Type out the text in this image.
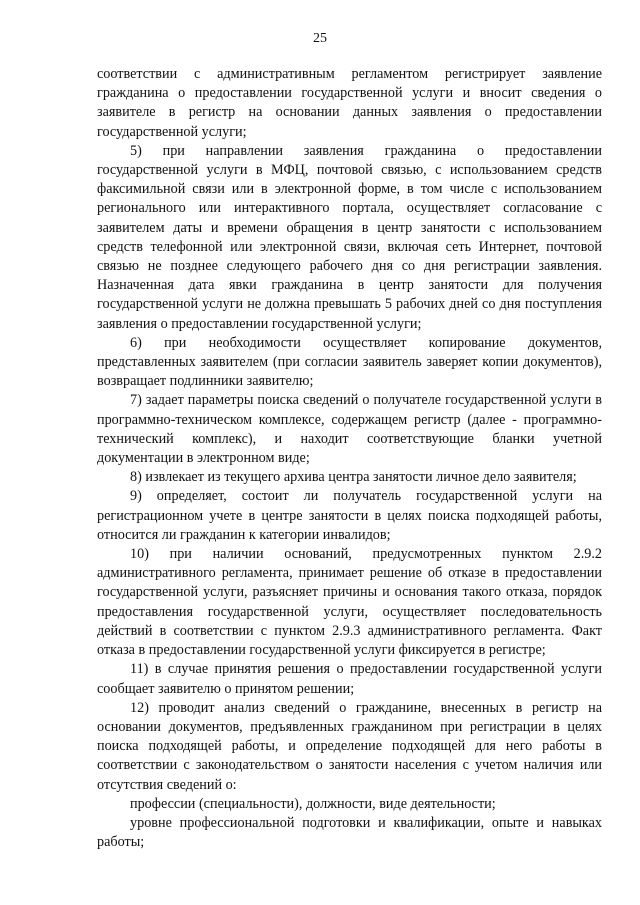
25

соответствии с административным регламентом регистрирует заявление гражданина о предоставлении государственной услуги и вносит сведения о заявителе в регистр на основании данных заявления о предоставлении государственной услуги;

5) при направлении заявления гражданина о предоставлении государственной услуги в МФЦ, почтовой связью, с использованием средств факсимильной связи или в электронной форме, в том числе с использованием регионального или интерактивного портала, осуществляет согласование с заявителем даты и времени обращения в центр занятости с использованием средств телефонной или электронной связи, включая сеть Интернет, почтовой связью не позднее следующего рабочего дня со дня регистрации заявления. Назначенная дата явки гражданина в центр занятости для получения государственной услуги не должна превышать 5 рабочих дней со дня поступления заявления о предоставлении государственной услуги;

6) при необходимости осуществляет копирование документов, представленных заявителем (при согласии заявитель заверяет копии документов), возвращает подлинники заявителю;

7) задает параметры поиска сведений о получателе государственной услуги в программно-техническом комплексе, содержащем регистр (далее - программно-технический комплекс), и находит соответствующие бланки учетной документации в электронном виде;

8) извлекает из текущего архива центра занятости личное дело заявителя;

9) определяет, состоит ли получатель государственной услуги на регистрационном учете в центре занятости в целях поиска подходящей работы, относится ли гражданин к категории инвалидов;

10) при наличии оснований, предусмотренных пунктом 2.9.2 административного регламента, принимает решение об отказе в предоставлении государственной услуги, разъясняет причины и основания такого отказа, порядок предоставления государственной услуги, осуществляет последовательность действий в соответствии с пунктом 2.9.3 административного регламента. Факт отказа в предоставлении государственной услуги фиксируется в регистре;

11) в случае принятия решения о предоставлении государственной услуги сообщает заявителю о принятом решении;

12) проводит анализ сведений о гражданине, внесенных в регистр на основании документов, предъявленных гражданином при регистрации в целях поиска подходящей работы, и определение подходящей для него работы в соответствии с законодательством о занятости населения с учетом наличия или отсутствия сведений о:

профессии (специальности), должности, виде деятельности;

уровне профессиональной подготовки и квалификации, опыте и навыках работы;
